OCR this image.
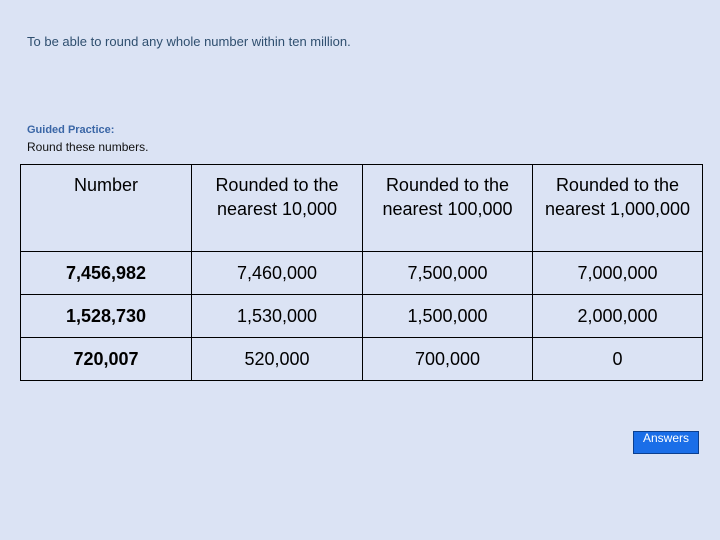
To be able to round any whole number within ten million.
Guided Practice:
Round these numbers.
Number	Rounded to the nearest 10,000	Rounded to the nearest 100,000	Rounded to the nearest 1,000,000
7,456,982	7,460,000	7,500,000	7,000,000
1,528,730	1,530,000	1,500,000	2,000,000
720,007	520,000	700,000	0
Answers
